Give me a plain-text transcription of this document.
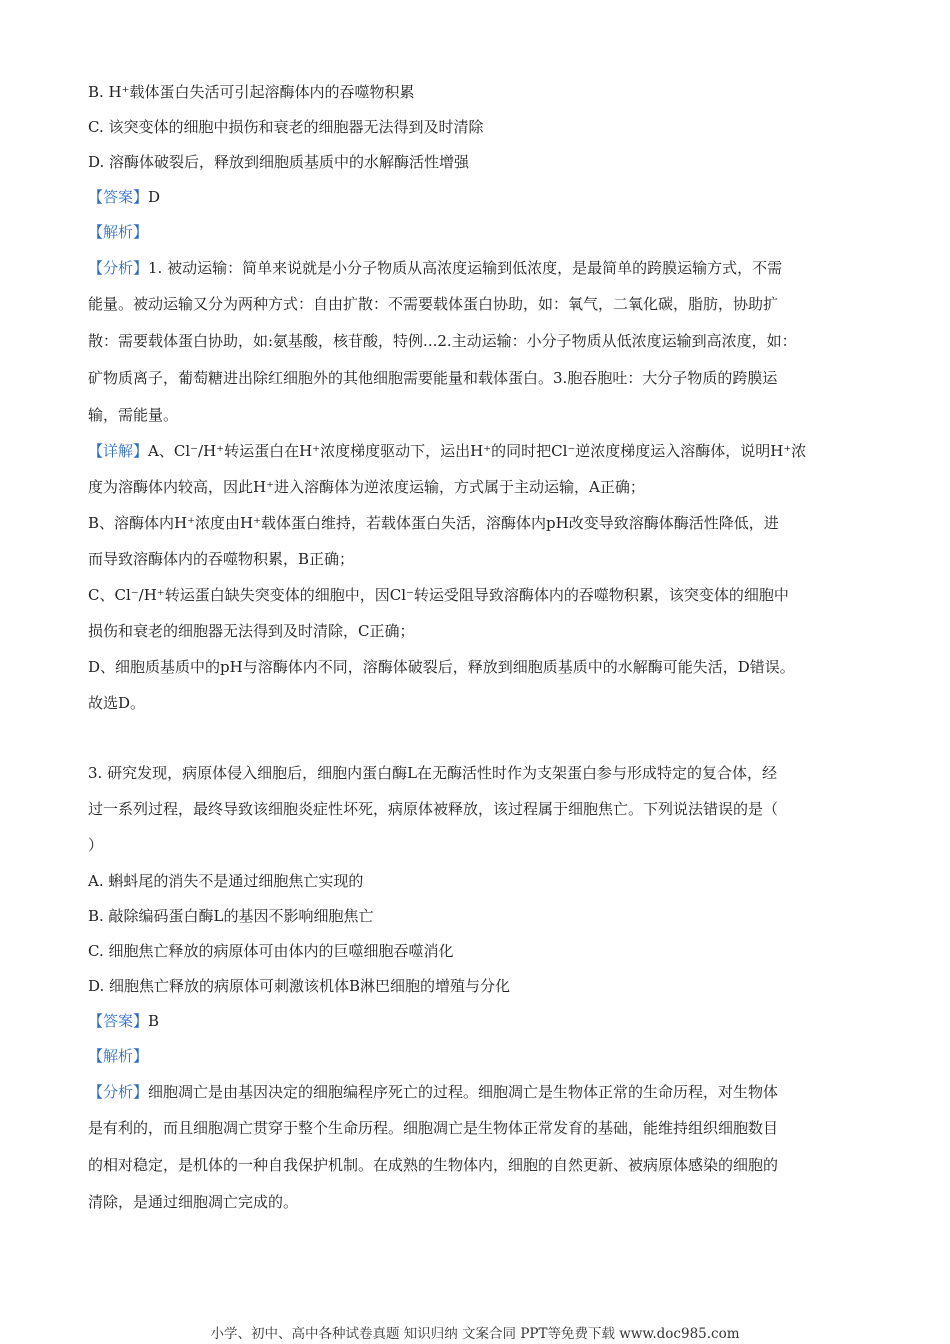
B. H⁺载体蛋白失活可引起溶酶体内的吞噬物积累
C. 该突变体的细胞中损伤和衰老的细胞器无法得到及时清除
D. 溶酶体破裂后，释放到细胞质基质中的水解酶活性增强
【答案】D
【解析】
【分析】1. 被动运输：简单来说就是小分子物质从高浓度运输到低浓度，是最简单的跨膜运输方式，不需
能量。被动运输又分为两种方式：自由扩散：不需要载体蛋白协助，如：氧气，二氧化碳，脂肪，协助扩
散：需要载体蛋白协助，如:氨基酸，核苷酸，特例...2.主动运输：小分子物质从低浓度运输到高浓度，如：
矿物质离子，葡萄糖进出除红细胞外的其他细胞需要能量和载体蛋白。3.胞吞胞吐：大分子物质的跨膜运
输，需能量。
【详解】A、Cl⁻/H⁺转运蛋白在H⁺浓度梯度驱动下，运出H⁺的同时把Cl⁻逆浓度梯度运入溶酶体，说明H⁺浓
度为溶酶体内较高，因此H⁺进入溶酶体为逆浓度运输，方式属于主动运输，A正确；
B、溶酶体内H⁺浓度由H⁺载体蛋白维持，若载体蛋白失活，溶酶体内pH改变导致溶酶体酶活性降低，进
而导致溶酶体内的吞噬物积累，B正确；
C、Cl⁻/H⁺转运蛋白缺失突变体的细胞中，因Cl⁻转运受阻导致溶酶体内的吞噬物积累，该突变体的细胞中
损伤和衰老的细胞器无法得到及时清除，C正确；
D、细胞质基质中的pH与溶酶体内不同，溶酶体破裂后，释放到细胞质基质中的水解酶可能失活，D错误。
故选D。
3. 研究发现，病原体侵入细胞后，细胞内蛋白酶L在无酶活性时作为支架蛋白参与形成特定的复合体，经
过一系列过程，最终导致该细胞炎症性坏死，病原体被释放，该过程属于细胞焦亡。下列说法错误的是（
）
A. 蝌蚪尾的消失不是通过细胞焦亡实现的
B. 敲除编码蛋白酶L的基因不影响细胞焦亡
C. 细胞焦亡释放的病原体可由体内的巨噬细胞吞噬消化
D. 细胞焦亡释放的病原体可刺激该机体B淋巴细胞的增殖与分化
【答案】B
【解析】
【分析】细胞凋亡是由基因决定的细胞编程序死亡的过程。细胞凋亡是生物体正常的生命历程，对生物体
是有利的，而且细胞凋亡贯穿于整个生命历程。细胞凋亡是生物体正常发育的基础，能维持组织细胞数目
的相对稳定，是机体的一种自我保护机制。在成熟的生物体内，细胞的自然更新、被病原体感染的细胞的
清除，是通过细胞凋亡完成的。
小学、初中、高中各种试卷真题 知识归纳 文案合同 PPT等免费下载 www.doc985.com
